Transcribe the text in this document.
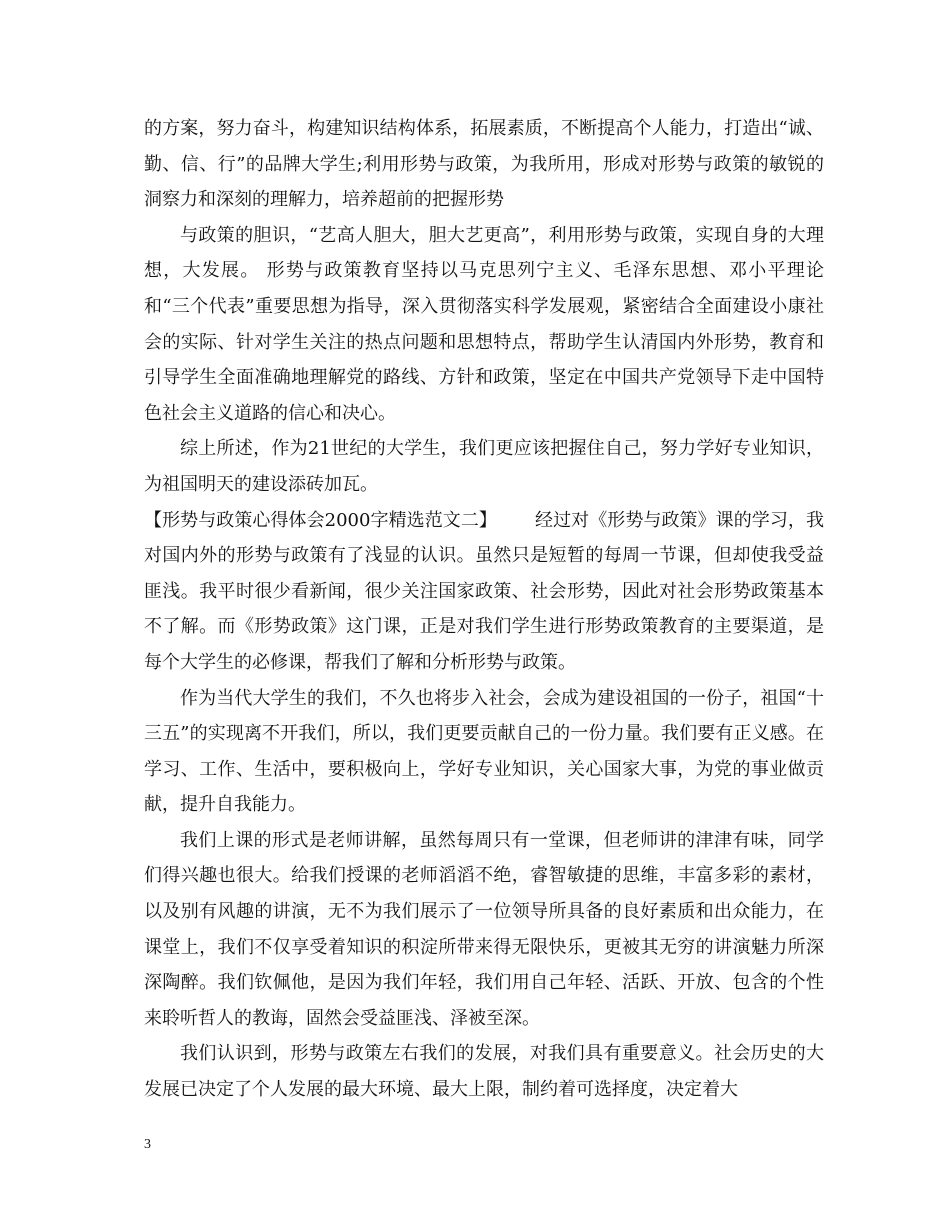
的方案，努力奋斗，构建知识结构体系，拓展素质，不断提高个人能力，打造出“诚、勤、信、行”的品牌大学生;利用形势与政策，为我所用，形成对形势与政策的敏锐的洞察力和深刻的理解力，培养超前的把握形势

与政策的胆识，“艺高人胆大，胆大艺更高”，利用形势与政策，实现自身的大理想，大发展。 形势与政策教育坚持以马克思列宁主义、毛泽东思想、邓小平理论和“三个代表”重要思想为指导，深入贯彻落实科学发展观，紧密结合全面建设小康社会的实际、针对学生关注的热点问题和思想特点，帮助学生认清国内外形势，教育和引导学生全面准确地理解党的路线、方针和政策，坚定在中国共产党领导下走中国特色社会主义道路的信心和决心。

综上所述，作为21世纪的大学生，我们更应该把握住自己，努力学好专业知识，为祖国明天的建设添砖加瓦。

【形势与政策心得体会2000字精选范文二】 经过对《形势与政策》课的学习，我对国内外的形势与政策有了浅显的认识。虽然只是短暂的每周一节课，但却使我受益匪浅。我平时很少看新闻，很少关注国家政策、社会形势，因此对社会形势政策基本不了解。而《形势政策》这门课，正是对我们学生进行形势政策教育的主要渠道，是每个大学生的必修课，帮我们了解和分析形势与政策。

作为当代大学生的我们，不久也将步入社会，会成为建设祖国的一份子，祖国“十三五”的实现离不开我们，所以，我们更要贡献自己的一份力量。我们要有正义感。在学习、工作、生活中，要积极向上，学好专业知识，关心国家大事，为党的事业做贡献，提升自我能力。

我们上课的形式是老师讲解，虽然每周只有一堂课，但老师讲的津津有味，同学们得兴趣也很大。给我们授课的老师滔滔不绝，睿智敏捷的思维，丰富多彩的素材，以及别有风趣的讲演，无不为我们展示了一位领导所具备的良好素质和出众能力，在课堂上，我们不仅享受着知识的积淀所带来得无限快乐，更被其无穷的讲演魅力所深深陶醉。我们钦佩他，是因为我们年轻，我们用自己年轻、活跃、开放、包含的个性来聆听哲人的教诲，固然会受益匪浅、泽被至深。

我们认识到，形势与政策左右我们的发展，对我们具有重要意义。社会历史的大发展已决定了个人发展的最大环境、最大上限，制约着可选择度，决定着大

3
